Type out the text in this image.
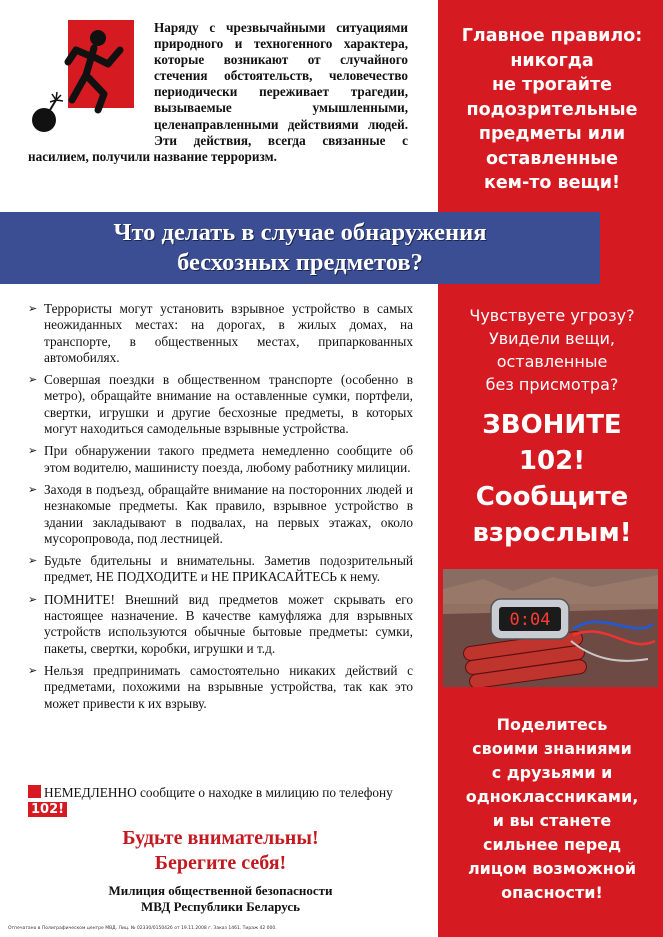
Главное правило:
никогда
не трогайте
подозрительные
предметы или
оставленные
кем-то вещи!
Чувствуете угрозу?
Увидели вещи,
оставленные
без присмотра?
ЗВОНИТЕ
102!
Сообщите
взрослым!
0:04
Поделитесь
своими знаниями
с друзьями и
одноклассниками,
и вы станете
сильнее перед
лицом возможной
опасности!
Наряду с чрезвычайными ситуациями природного и техногенного характера, которые возникают от случайного стечения обстоятельств, человечество периодически переживает трагедии, вызываемые умышленными, целенаправленными действиями людей. Эти действия, всегда связанные с насилием, получили название терроризм.
Что делать в случае обнаружения
бесхозных предметов?
➢ Террористы могут установить взрывное устройство в самых неожиданных местах: на дорогах, в жилых домах, на транспорте, в общественных местах, припаркованных автомобилях.
➢ Совершая поездки в общественном транспорте (особенно в метро), обращайте внимание на оставленные сумки, портфели, свертки, игрушки и другие бесхозные предметы, в которых могут находиться самодельные взрывные устройства.
➢ При обнаружении такого предмета немедленно сообщите об этом водителю, машинисту поезда, любому работнику милиции.
➢ Заходя в подъезд, обращайте внимание на посторонних людей и незнакомые предметы. Как правило, взрывное устройство в здании закладывают в подвалах, на первых этажах, около мусоропровода, под лестницей.
➢ Будьте бдительны и внимательны. Заметив подозрительный предмет, НЕ ПОДХОДИТЕ и НЕ ПРИКАСАЙТЕСЬ к нему.
➢ ПОМНИТЕ! Внешний вид предметов может скрывать его настоящее назначение. В качестве камуфляжа для взрывных устройств используются обычные бытовые предметы: сумки, пакеты, свертки, коробки, игрушки и т.д.
➢ Нельзя предпринимать самостоятельно никаких действий с предметами, похожими на взрывные устройства, так как это может привести к их взрыву.
НЕМЕДЛЕННО сообщите о находке в милицию по телефону 102!
Будьте внимательны!
Берегите себя!
Милиция общественной безопасности
МВД Республики Беларусь
Отпечатано в Полиграфическом центре МВД. Лиц. № 02330/0150426 от 19.11.2008 г. Заказ 1461. Тираж 42 000.
